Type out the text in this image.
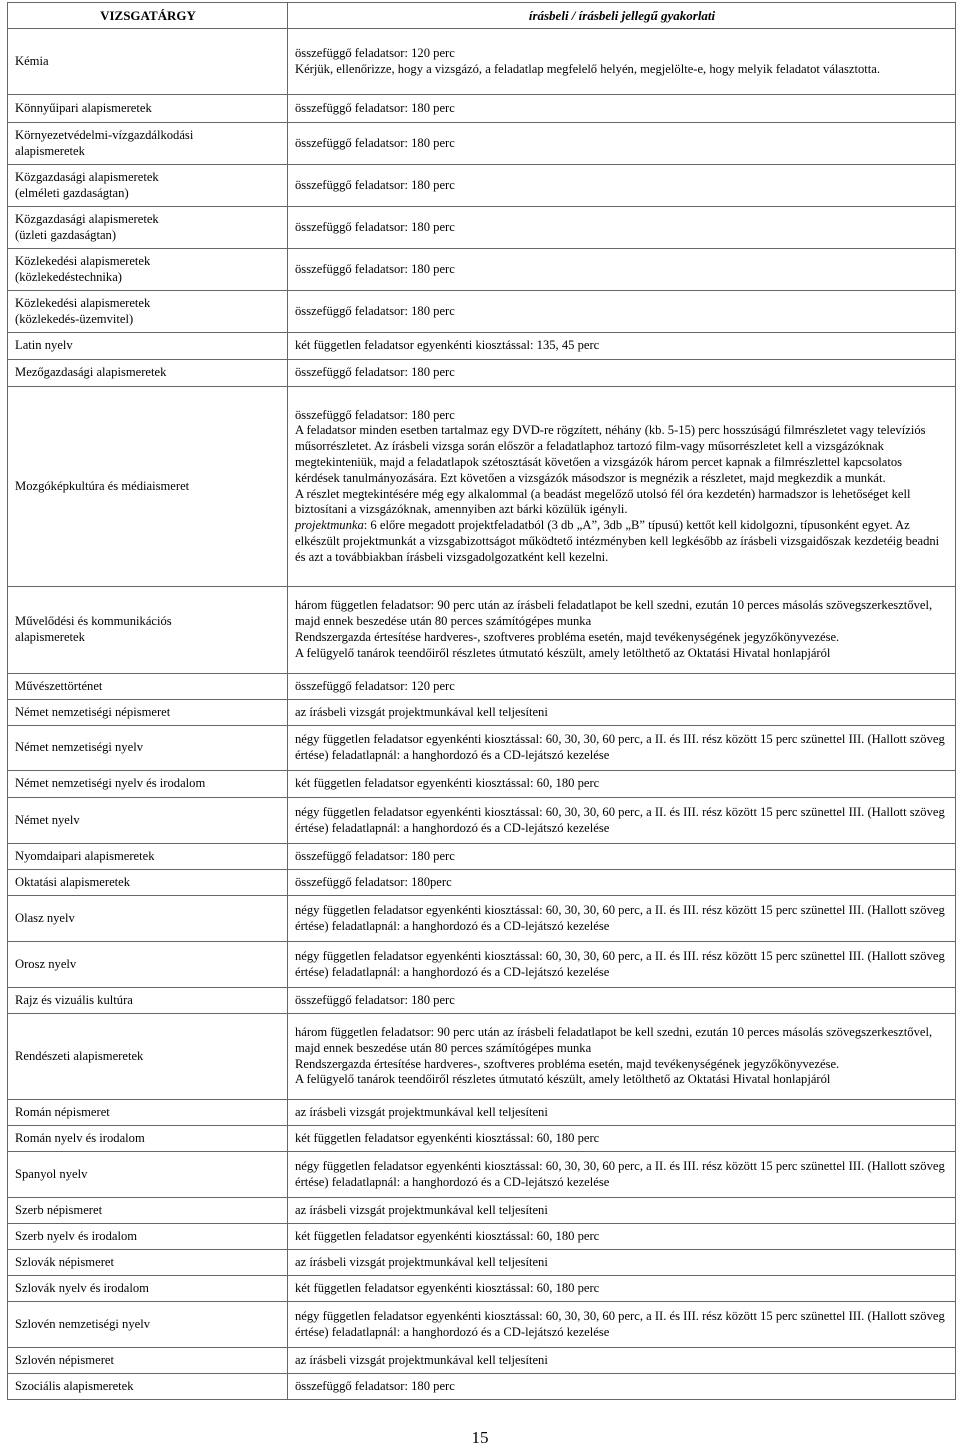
VIZSGATÁRGY	írásbeli / írásbeli jellegű gyakorlati

Kémia	összefüggő feladatsor: 120 perc
Kérjük, ellenőrizze, hogy a vizsgázó, a feladatlap megfelelő helyén, megjelölte-e, hogy melyik feladatot választotta.

Könnyűipari alapismeretek	összefüggő feladatsor: 180 perc

Környezetvédelmi-vízgazdálkodási
alapismeretek	összefüggő feladatsor: 180 perc

Közgazdasági alapismeretek
(elméleti gazdaságtan)	összefüggő feladatsor: 180 perc

Közgazdasági alapismeretek
(üzleti gazdaságtan)	összefüggő feladatsor: 180 perc

Közlekedési alapismeretek
(közlekedéstechnika)	összefüggő feladatsor: 180 perc

Közlekedési alapismeretek
(közlekedés-üzemvitel)	összefüggő feladatsor: 180 perc

Latin nyelv	két független feladatsor egyenkénti kiosztással: 135, 45 perc

Mezőgazdasági alapismeretek	összefüggő feladatsor: 180 perc

Mozgóképkultúra és médiaismeret	összefüggő feladatsor: 180 perc
A feladatsor minden esetben tartalmaz egy DVD-re rögzített, néhány (kb. 5-15) perc hosszúságú filmrészletet vagy televíziós műsorrészletet. Az írásbeli vizsga során először a feladatlaphoz tartozó film-vagy műsorrészletet kell a vizsgázóknak megtekinteniük, majd a feladatlapok szétosztását követően a vizsgázók három percet kapnak a filmrészlettel kapcsolatos kérdések tanulmányozására. Ezt követően a vizsgázók másodszor is megnézik a részletet, majd megkezdik a munkát.
A részlet megtekintésére még egy alkalommal (a beadást megelőző utolsó fél óra kezdetén) harmadszor is lehetőséget kell biztosítani a vizsgázóknak, amennyiben azt bárki közülük igényli.
projektmunka: 6 előre megadott projektfeladatból (3 db „A”, 3db „B” típusú) kettőt kell kidolgozni, típusonként egyet. Az elkészült projektmunkát a vizsgabizottságot működtető intézményben kell legkésőbb az írásbeli vizsgaidőszak kezdetéig beadni és azt a továbbiakban írásbeli vizsgadolgozatként kell kezelni.

Művelődési és kommunikációs
alapismeretek	három független feladatsor: 90 perc után az írásbeli feladatlapot be kell szedni, ezután 10 perces másolás szövegszerkesztővel, majd ennek beszedése után 80 perces számítógépes munka
Rendszergazda értesítése hardveres-, szoftveres probléma esetén, majd tevékenységének jegyzőkönyvezése.
A felügyelő tanárok teendőiről részletes útmutató készült, amely letölthető az Oktatási Hivatal honlapjáról

Művészettörténet	összefüggő feladatsor: 120 perc

Német nemzetiségi népismeret	az írásbeli vizsgát projektmunkával kell teljesíteni

Német nemzetiségi nyelv	négy független feladatsor egyenkénti kiosztással: 60, 30, 30, 60 perc, a II. és III. rész között 15 perc szünettel III. (Hallott szöveg értése) feladatlapnál: a hanghordozó és a CD-lejátszó kezelése

Német nemzetiségi nyelv és irodalom	két független feladatsor egyenkénti kiosztással: 60, 180 perc

Német nyelv	négy független feladatsor egyenkénti kiosztással: 60, 30, 30, 60 perc, a II. és III. rész között 15 perc szünettel III. (Hallott szöveg értése) feladatlapnál: a hanghordozó és a CD-lejátszó kezelése

Nyomdaipari alapismeretek	összefüggő feladatsor: 180 perc

Oktatási alapismeretek	összefüggő feladatsor: 180perc

Olasz nyelv	négy független feladatsor egyenkénti kiosztással: 60, 30, 30, 60 perc, a II. és III. rész között 15 perc szünettel III. (Hallott szöveg értése) feladatlapnál: a hanghordozó és a CD-lejátszó kezelése

Orosz nyelv	négy független feladatsor egyenkénti kiosztással: 60, 30, 30, 60 perc, a II. és III. rész között 15 perc szünettel III. (Hallott szöveg értése) feladatlapnál: a hanghordozó és a CD-lejátszó kezelése

Rajz és vizuális kultúra	összefüggő feladatsor: 180 perc

Rendészeti alapismeretek	három független feladatsor: 90 perc után az írásbeli feladatlapot be kell szedni, ezután 10 perces másolás szövegszerkesztővel, majd ennek beszedése után 80 perces számítógépes munka
Rendszergazda értesítése hardveres-, szoftveres probléma esetén, majd tevékenységének jegyzőkönyvezése.
A felügyelő tanárok teendőiről részletes útmutató készült, amely letölthető az Oktatási Hivatal honlapjáról

Román népismeret	az írásbeli vizsgát projektmunkával kell teljesíteni

Román nyelv és irodalom	két független feladatsor egyenkénti kiosztással: 60, 180 perc

Spanyol nyelv	négy független feladatsor egyenkénti kiosztással: 60, 30, 30, 60 perc, a II. és III. rész között 15 perc szünettel III. (Hallott szöveg értése) feladatlapnál: a hanghordozó és a CD-lejátszó kezelése

Szerb népismeret	az írásbeli vizsgát projektmunkával kell teljesíteni

Szerb nyelv és irodalom	két független feladatsor egyenkénti kiosztással: 60, 180 perc

Szlovák népismeret	az írásbeli vizsgát projektmunkával kell teljesíteni

Szlovák nyelv és irodalom	két független feladatsor egyenkénti kiosztással: 60, 180 perc

Szlovén nemzetiségi nyelv	négy független feladatsor egyenkénti kiosztással: 60, 30, 30, 60 perc, a II. és III. rész között 15 perc szünettel III. (Hallott szöveg értése) feladatlapnál: a hanghordozó és a CD-lejátszó kezelése

Szlovén népismeret	az írásbeli vizsgát projektmunkával kell teljesíteni

Szociális alapismeretek	összefüggő feladatsor: 180 perc
15
